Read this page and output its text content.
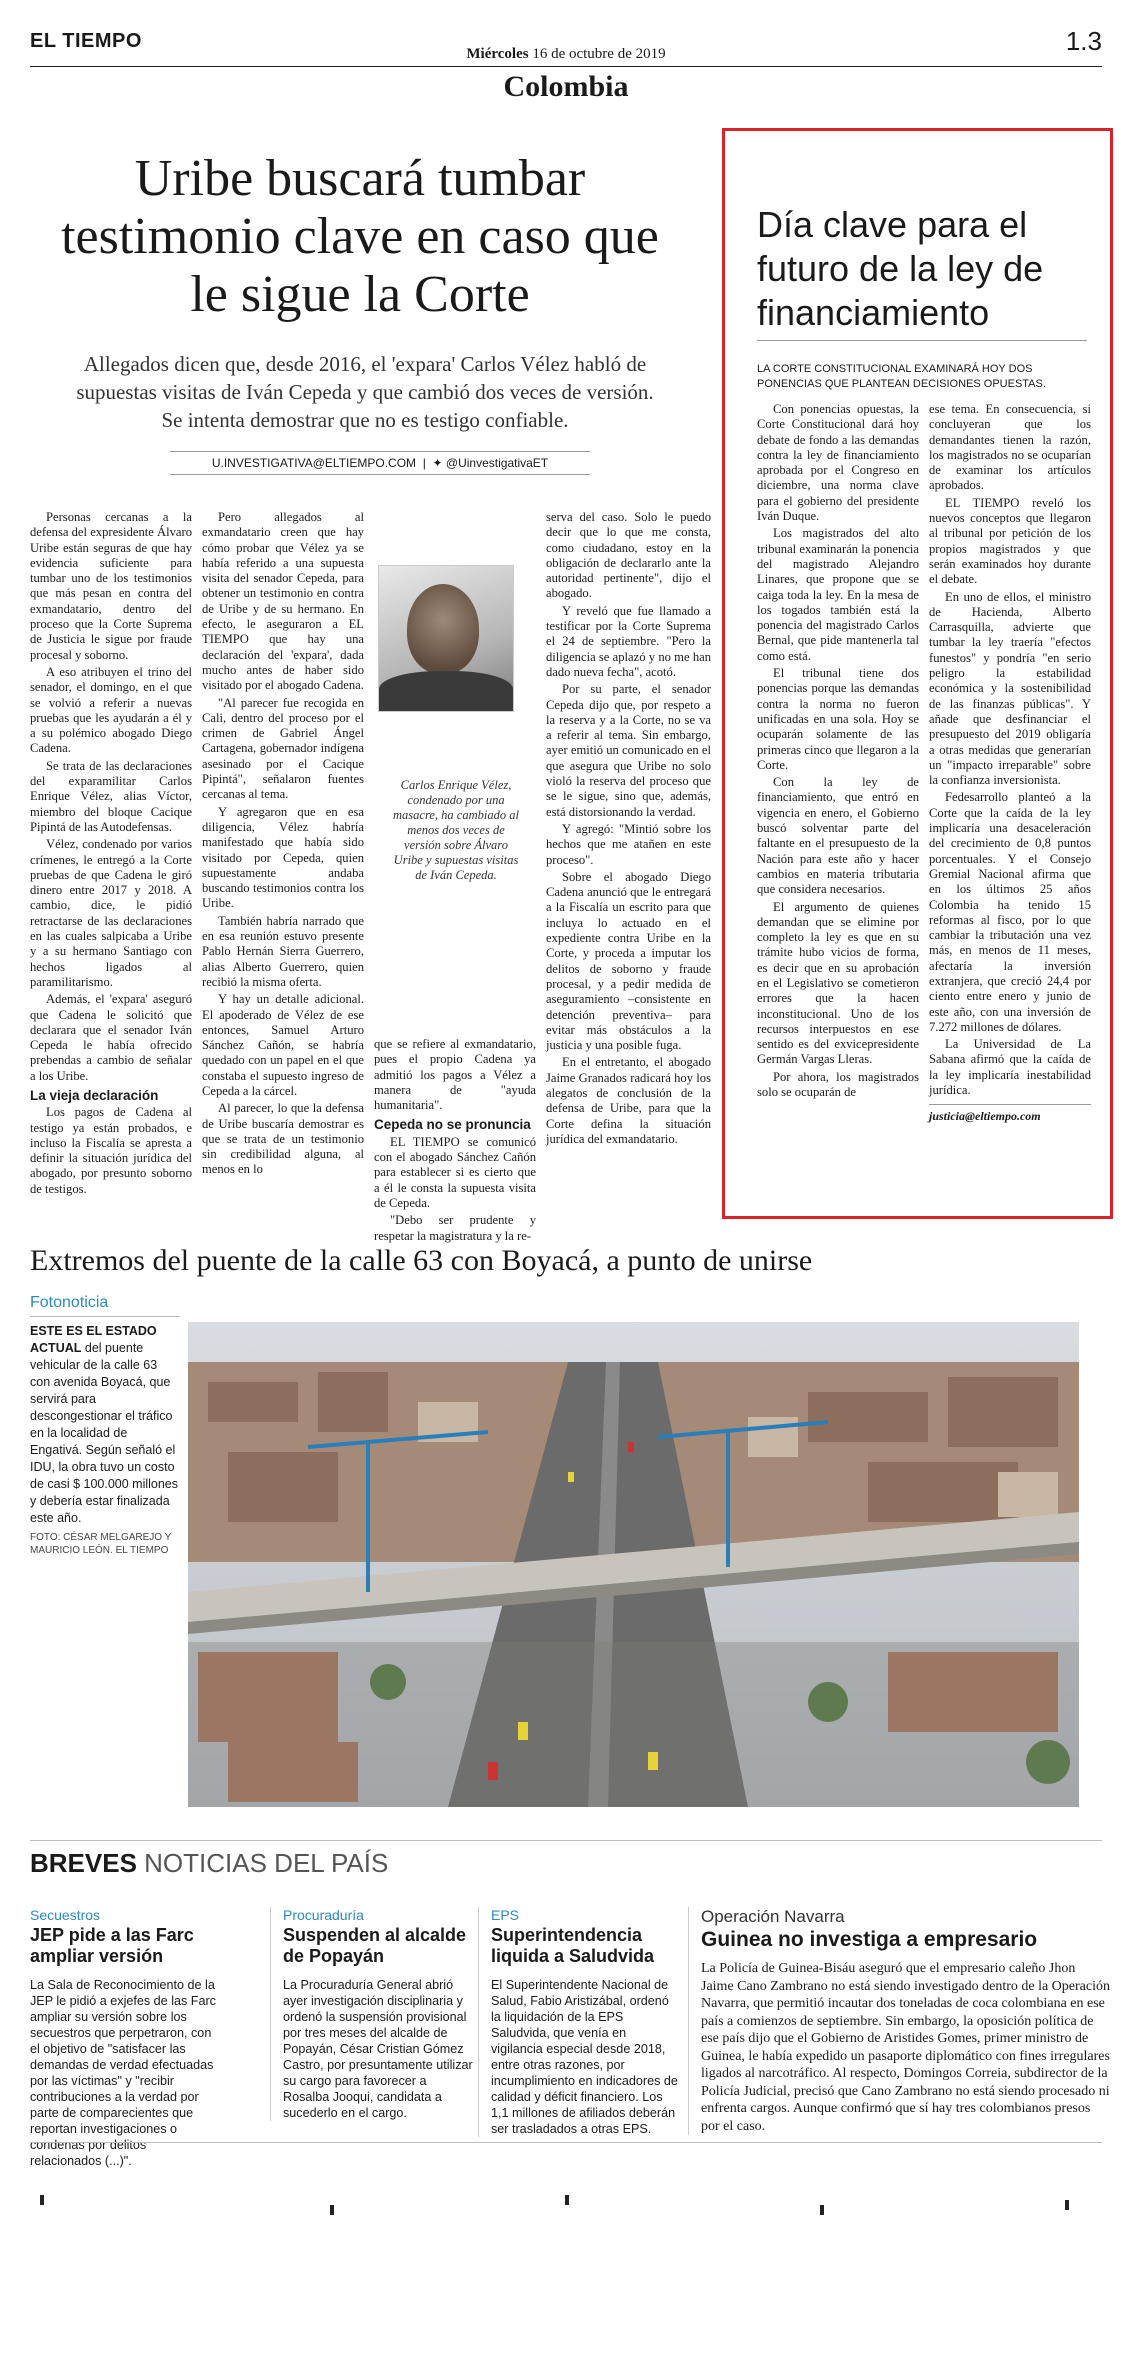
EL TIEMPO
Miércoles 16 de octubre de 2019	1.3
Colombia
Uribe buscará tumbar testimonio clave en caso que le sigue la Corte
Allegados dicen que, desde 2016, el 'expara' Carlos Vélez habló de supuestas visitas de Iván Cepeda y que cambió dos veces de versión. Se intenta demostrar que no es testigo confiable.
U.INVESTIGATIVA@ELTIEMPO.COM  |  ✦ @UinvestigativaET

Personas cercanas a la defensa del expresidente Álvaro Uribe están seguras de que hay evidencia suficiente para tumbar uno de los testimonios que más pesan en contra del exmandatario, dentro del proceso que la Corte Suprema de Justicia le sigue por fraude procesal y soborno.

A eso atribuyen el trino del senador, el domingo, en el que se volvió a referir a nuevas pruebas que les ayudarán a él y a su polémico abogado Diego Cadena.

Se trata de las declaraciones del exparamilitar Carlos Enrique Vélez, alias Víctor, miembro del bloque Cacique Pipintá de las Autodefensas.

Vélez, condenado por varios crímenes, le entregó a la Corte pruebas de que Cadena le giró dinero entre 2017 y 2018. A cambio, dice, le pidió retractarse de las declaraciones en las cuales salpicaba a Uribe y a su hermano Santiago con hechos ligados al paramilitarismo.

Además, el 'expara' aseguró que Cadena le solicitó que declarara que el senador Iván Cepeda le había ofrecido prebendas a cambio de señalar a los Uribe.

La vieja declaración

Los pagos de Cadena al testigo ya están probados, e incluso la Fiscalía se apresta a definir la situación jurídica del abogado, por presunto soborno de testigos.

Pero allegados al exmandatario creen que hay cómo probar que Vélez ya se había referido a una supuesta visita del senador Cepeda, para obtener un testimonio en contra de Uribe y de su hermano. En efecto, le aseguraron a EL TIEMPO que hay una declaración del 'expara', dada mucho antes de haber sido visitado por el abogado Cadena.

"Al parecer fue recogida en Cali, dentro del proceso por el crimen de Gabriel Ángel Cartagena, gobernador indígena asesinado por el Cacique Pipintá", señalaron fuentes cercanas al tema.

Y agregaron que en esa diligencia, Vélez habría manifestado que había sido visitado por Cepeda, quien supuestamente andaba buscando testimonios contra los Uribe.

También habría narrado que en esa reunión estuvo presente Pablo Hernán Sierra Guerrero, alias Alberto Guerrero, quien recibió la misma oferta.

Y hay un detalle adicional. El apoderado de Vélez de ese entonces, Samuel Arturo Sánchez Cañón, se habría quedado con un papel en el que constaba el supuesto ingreso de Cepeda a la cárcel.

Al parecer, lo que la defensa de Uribe buscaría demostrar es que se trata de un testimonio sin credibilidad alguna, al menos en lo

Carlos Enrique Vélez, condenado por una masacre, ha cambiado al menos dos veces de versión sobre Álvaro Uribe y supuestas visitas de Iván Cepeda.

que se refiere al exmandatario, pues el propio Cadena ya admitió los pagos a Vélez a manera de "ayuda humanitaria".

Cepeda no se pronuncia

EL TIEMPO se comunicó con el abogado Sánchez Cañón para establecer si es cierto que a él le consta la supuesta visita de Cepeda.

"Debo ser prudente y respetar la magistratura y la re-

serva del caso. Solo le puedo decir que lo que me consta, como ciudadano, estoy en la obligación de declararlo ante la autoridad pertinente", dijo el abogado.

Y reveló que fue llamado a testificar por la Corte Suprema el 24 de septiembre. "Pero la diligencia se aplazó y no me han dado nueva fecha", acotó.

Por su parte, el senador Cepeda dijo que, por respeto a la reserva y a la Corte, no se va a referir al tema. Sin embargo, ayer emitió un comunicado en el que asegura que Uribe no solo violó la reserva del proceso que se le sigue, sino que, además, está distorsionando la verdad.

Y agregó: "Mintió sobre los hechos que me atañen en este proceso".

Sobre el abogado Diego Cadena anunció que le entregará a la Fiscalía un escrito para que incluya lo actuado en el expediente contra Uribe en la Corte, y proceda a imputar los delitos de soborno y fraude procesal, y a pedir medida de aseguramiento –consistente en detención preventiva– para evitar más obstáculos a la justicia y una posible fuga.

En el entretanto, el abogado Jaime Granados radicará hoy los alegatos de conclusión de la defensa de Uribe, para que la Corte defina la situación jurídica del exmandatario.

Día clave para el futuro de la ley de financiamiento
LA CORTE CONSTITUCIONAL EXAMINARÁ HOY DOS PONENCIAS QUE PLANTEAN DECISIONES OPUESTAS.

Con ponencias opuestas, la Corte Constitucional dará hoy debate de fondo a las demandas contra la ley de financiamiento aprobada por el Congreso en diciembre, una norma clave para el gobierno del presidente Iván Duque.

Los magistrados del alto tribunal examinarán la ponencia del magistrado Alejandro Linares, que propone que se caiga toda la ley. En la mesa de los togados también está la ponencia del magistrado Carlos Bernal, que pide mantenerla tal como está.

El tribunal tiene dos ponencias porque las demandas contra la norma no fueron unificadas en una sola. Hoy se ocuparán solamente de las primeras cinco que llegaron a la Corte.

Con la ley de financiamiento, que entró en vigencia en enero, el Gobierno buscó solventar parte del faltante en el presupuesto de la Nación para este año y hacer cambios en materia tributaria que considera necesarios.

El argumento de quienes demandan que se elimine por completo la ley es que en su trámite hubo vicios de forma, es decir que en su aprobación en el Legislativo se cometieron errores que la hacen inconstitucional. Uno de los recursos interpuestos en ese sentido es del exvicepresidente Germán Vargas Lleras.

Por ahora, los magistrados solo se ocuparán de

ese tema. En consecuencia, si concluyeran que los demandantes tienen la razón, los magistrados no se ocuparían de examinar los artículos aprobados.

EL TIEMPO reveló los nuevos conceptos que llegaron al tribunal por petición de los propios magistrados y que serán examinados hoy durante el debate.

En uno de ellos, el ministro de Hacienda, Alberto Carrasquilla, advierte que tumbar la ley traería "efectos funestos" y pondría "en serio peligro la estabilidad económica y la sostenibilidad de las finanzas públicas". Y añade que desfinanciar el presupuesto del 2019 obligaría a otras medidas que generarían un "impacto irreparable" sobre la confianza inversionista.

Fedesarrollo planteó a la Corte que la caída de la ley implicaría una desaceleración del crecimiento de 0,8 puntos porcentuales. Y el Consejo Gremial Nacional afirma que en los últimos 25 años Colombia ha tenido 15 reformas al fisco, por lo que cambiar la tributación una vez más, en menos de 11 meses, afectaría la inversión extranjera, que creció 24,4 por ciento entre enero y junio de este año, con una inversión de 7.272 millones de dólares.

La Universidad de La Sabana afirmó que la caída de la ley implicaría inestabilidad jurídica.

justicia@eltiempo.com

Extremos del puente de la calle 63 con Boyacá, a punto de unirse
Fotonoticia
ESTE ES EL ESTADO ACTUAL del puente vehicular de la calle 63 con avenida Boyacá, que servirá para descongestionar el tráfico en la localidad de Engativá. Según señaló el IDU, la obra tuvo un costo de casi $ 100.000 millones y debería estar finalizada este año.
FOTO: CÉSAR MELGAREJO Y MAURICIO LEÓN. EL TIEMPO
BREVES NOTICIAS DEL PAÍS
Secuestros
JEP pide a las Farc ampliar versión
La Sala de Reconocimiento de la JEP le pidió a exjefes de las Farc ampliar su versión sobre los secuestros que perpetraron, con el objetivo de "satisfacer las demandas de verdad efectuadas por las víctimas" y "recibir contribuciones a la verdad por parte de comparecientes que reportan investigaciones o condenas por delitos relacionados (...)".
Procuraduría
Suspenden al alcalde de Popayán
La Procuraduría General abrió ayer investigación disciplinaria y ordenó la suspensión provisional por tres meses del alcalde de Popayán, César Cristian Gómez Castro, por presuntamente utilizar su cargo para favorecer a Rosalba Jooqui, candidata a sucederlo en el cargo.
EPS
Superintendencia liquida a Saludvida
El Superintendente Nacional de Salud, Fabio Aristizábal, ordenó la liquidación de la EPS Saludvida, que venía en vigilancia especial desde 2018, entre otras razones, por incumplimiento en indicadores de calidad y déficit financiero. Los 1,1 millones de afiliados deberán ser trasladados a otras EPS.
Operación Navarra
Guinea no investiga a empresario
La Policía de Guinea-Bisáu aseguró que el empresario caleño Jhon Jaime Cano Zambrano no está siendo investigado dentro de la Operación Navarra, que permitió incautar dos toneladas de coca colombiana en ese país a comienzos de septiembre. Sin embargo, la oposición política de ese país dijo que el Gobierno de Aristides Gomes, primer ministro de Guinea, le había expedido un pasaporte diplomático con fines irregulares ligados al narcotráfico. Al respecto, Domingos Correia, subdirector de la Policía Judicial, precisó que Cano Zambrano no está siendo procesado ni enfrenta cargos. Aunque confirmó que sí hay tres colombianos presos por el caso.
